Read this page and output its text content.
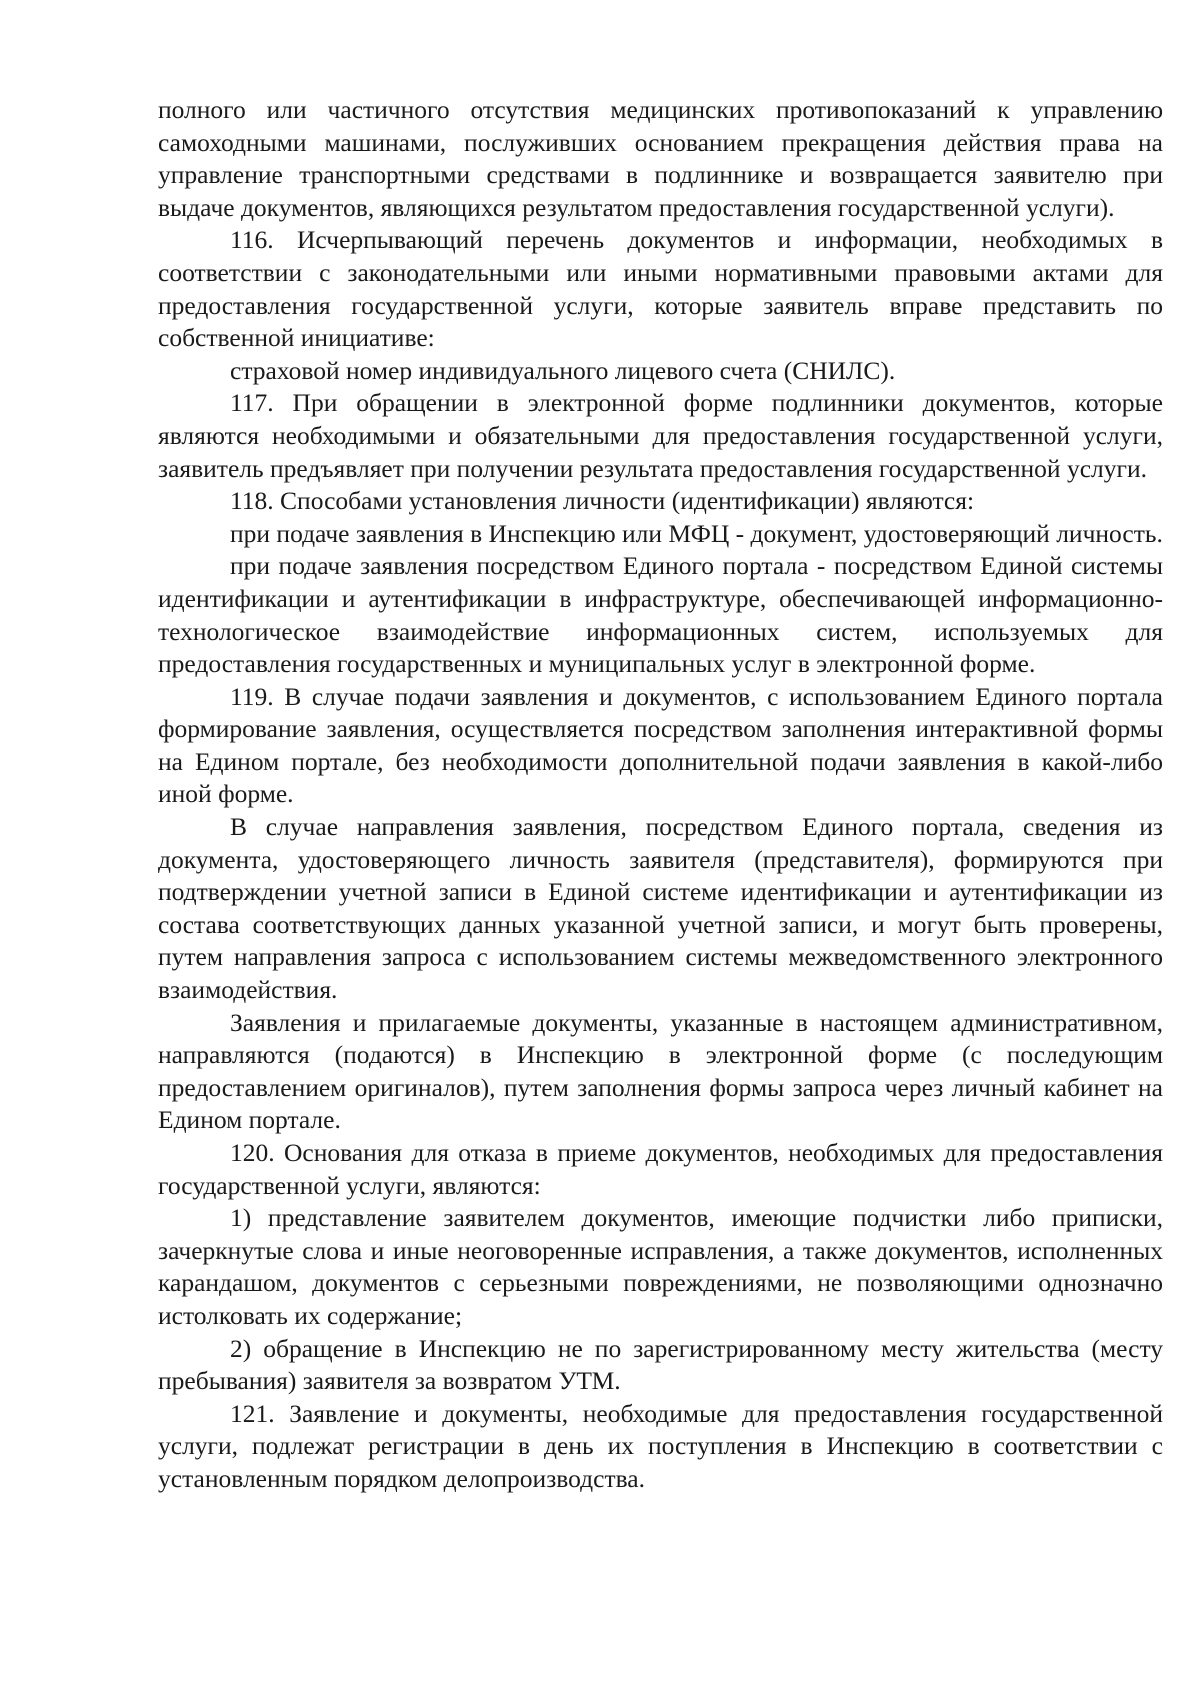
полного или частичного отсутствия медицинских противопоказаний к управлению самоходными машинами, послуживших основанием прекращения действия права на управление транспортными средствами в подлиннике и возвращается заявителю при выдаче документов, являющихся результатом предоставления государственной услуги).

116. Исчерпывающий перечень документов и информации, необходимых в соответствии с законодательными или иными нормативными правовыми актами для предоставления государственной услуги, которые заявитель вправе представить по собственной инициативе:

страховой номер индивидуального лицевого счета (СНИЛС).

117. При обращении в электронной форме подлинники документов, которые являются необходимыми и обязательными для предоставления государственной услуги, заявитель предъявляет при получении результата предоставления государственной услуги.

118. Способами установления личности (идентификации) являются:

при подаче заявления в Инспекцию или МФЦ - документ, удостоверяющий личность.

при подаче заявления посредством Единого портала - посредством Единой системы идентификации и аутентификации в инфраструктуре, обеспечивающей информационно-технологическое взаимодействие информационных систем, используемых для предоставления государственных и муниципальных услуг в электронной форме.

119. В случае подачи заявления и документов, с использованием Единого портала формирование заявления, осуществляется посредством заполнения интерактивной формы на Едином портале, без необходимости дополнительной подачи заявления в какой-либо иной форме.

В случае направления заявления, посредством Единого портала, сведения из документа, удостоверяющего личность заявителя (представителя), формируются при подтверждении учетной записи в Единой системе идентификации и аутентификации из состава соответствующих данных указанной учетной записи, и могут быть проверены, путем направления запроса с использованием системы межведомственного электронного взаимодействия.

Заявления и прилагаемые документы, указанные в настоящем административном, направляются (подаются) в Инспекцию в электронной форме (с последующим предоставлением оригиналов), путем заполнения формы запроса через личный кабинет на Едином портале.

120. Основания для отказа в приеме документов, необходимых для предоставления государственной услуги, являются:

1) представление заявителем документов, имеющие подчистки либо приписки, зачеркнутые слова и иные неоговоренные исправления, а также документов, исполненных карандашом, документов с серьезными повреждениями, не позволяющими однозначно истолковать их содержание;

2) обращение в Инспекцию не по зарегистрированному месту жительства (месту пребывания) заявителя за возвратом УТМ.

121. Заявление и документы, необходимые для предоставления государственной услуги, подлежат регистрации в день их поступления в Инспекцию в соответствии с установленным порядком делопроизводства.
